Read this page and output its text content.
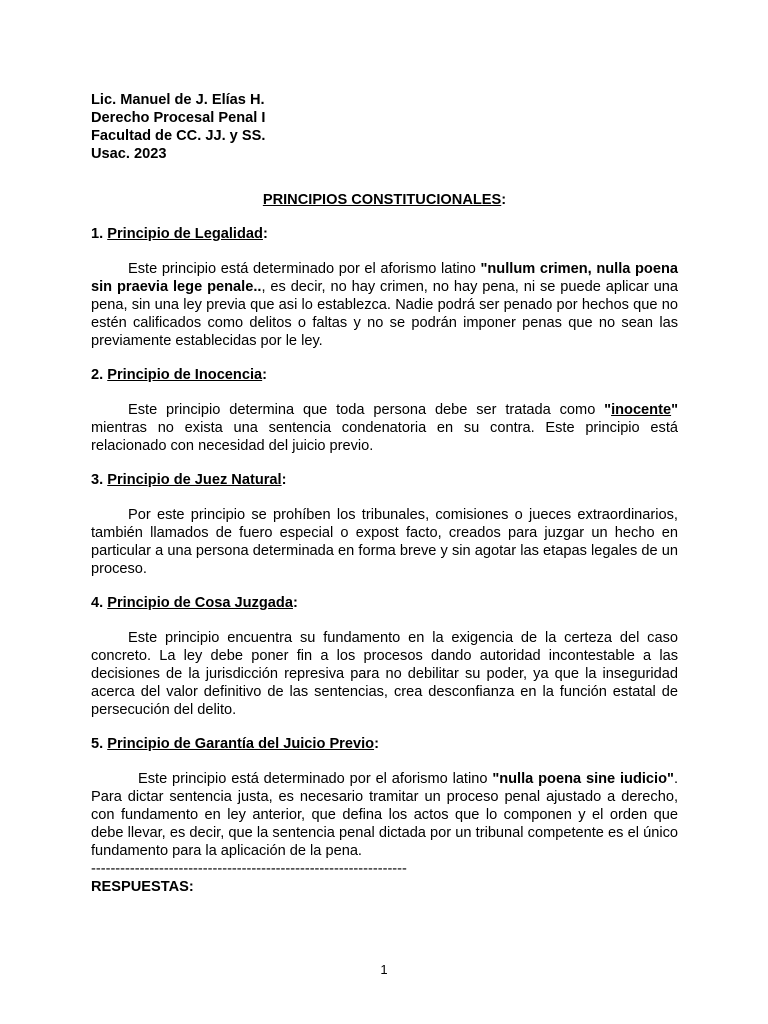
Lic. Manuel de J. Elías H.

Derecho Procesal Penal I

Facultad de CC. JJ. y SS.

Usac. 2023

PRINCIPIOS CONSTITUCIONALES:

1. Principio de Legalidad:

Este principio está determinado por el aforismo latino "nullum crimen, nulla poena sin praevia lege penale.., es decir, no hay crimen, no hay pena, ni se puede aplicar una pena, sin una ley previa que asi lo establezca. Nadie podrá ser penado por hechos que no estén calificados como delitos o faltas y no se podrán imponer penas que no sean las previamente establecidas por le ley.

2. Principio de Inocencia:

Este principio determina que toda persona debe ser tratada como "inocente" mientras no exista una sentencia condenatoria en su contra. Este principio está relacionado con necesidad del juicio previo.

3. Principio de Juez Natural:

Por este principio se prohíben los tribunales, comisiones o jueces extraordinarios, también llamados de fuero especial o expost facto, creados para juzgar un hecho en particular a una persona determinada en forma breve y sin agotar las etapas legales de un proceso.

4. Principio de Cosa Juzgada:

Este principio encuentra su fundamento en la exigencia de la certeza del caso concreto. La ley debe poner fin a los procesos dando autoridad incontestable a las decisiones de la jurisdicción represiva para no debilitar su poder, ya que la inseguridad acerca del valor definitivo de las sentencias, crea desconfianza en la función estatal de persecución del delito.

5. Principio de Garantía del Juicio Previo:

Este principio está determinado por el aforismo latino "nulla poena sine iudicio". Para dictar sentencia justa, es necesario tramitar un proceso penal ajustado a derecho, con fundamento en ley anterior, que defina los actos que lo componen y el orden que debe llevar, es decir, que la sentencia penal dictada por un tribunal competente es el único fundamento para la aplicación de la pena.

-----------------------------------------------------------------

RESPUESTAS:

1
